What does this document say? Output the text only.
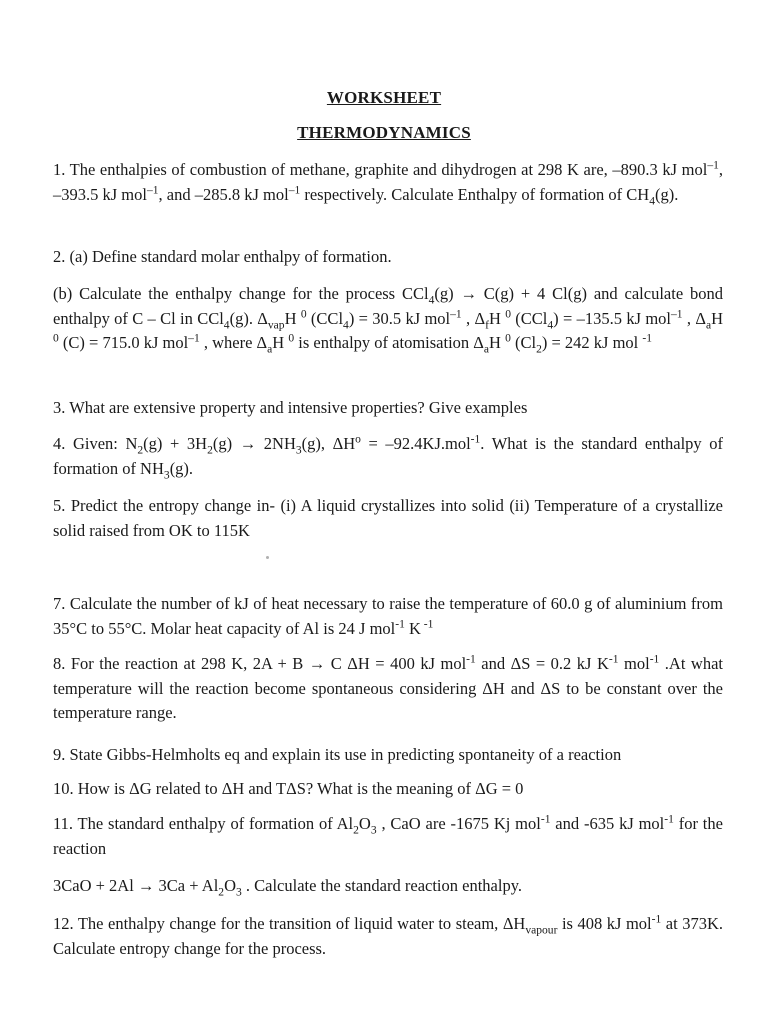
WORKSHEET
THERMODYNAMICS

1. The enthalpies of combustion of methane, graphite and dihydrogen at 298 K are, –890.3 kJ mol$^{-1}$, –393.5 kJ mol$^{-1}$, and –285.8 kJ mol$^{-1}$ respectively. Calculate Enthalpy of formation of $CH_4(g)$.

2. (a) Define standard molar enthalpy of formation.

(b) Calculate the enthalpy change for the process CCl$_4$(g) → C(g) + 4 Cl(g) and calculate bond enthalpy of C – Cl in CCl$_4$(g). $\Delta_{vap}H$ $^0$ (CCl$_4$) = 30.5 kJ mol$^{-1}$ , $\Delta_fH$ $^0$ (CCl$_4$) = –135.5 kJ mol$^{-1}$ , $\Delta_aH$ $^0$ (C) = 715.0 kJ mol$^{-1}$ , where $\Delta_aH$ $^0$ is enthalpy of atomisation $\Delta_aH$ $^0$ $(Cl_2) = 242$ kJ mol $^{-1}$

3. What are extensive property and intensive properties? Give examples

4. Given: $N_2(g) + 3H_2(g) \to 2NH_3(g)$, $\Delta H^o = -92.4KJ.mol^{-1}$. What is the standard enthalpy of formation of $NH_3(g)$.

5. Predict the entropy change in- (i) A liquid crystallizes into solid (ii) Temperature of a crystallize solid raised from OK to 115K

7. Calculate the number of kJ of heat necessary to raise the temperature of 60.0 g of aluminium from 35°C to 55°C. Molar heat capacity of Al is 24 J mol$^{-1}$ K $^{-1}$

8. For the reaction at 298 K, 2A + B → C ΔH = 400 kJ mol$^{-1}$ and ΔS = 0.2 kJ $K^{-1}$ mol$^{-1}$ .At what temperature will the reaction become spontaneous considering ΔH and ΔS to be constant over the temperature range.

9. State Gibbs-Helmholts eq and explain its use in predicting spontaneity of a reaction

10. How is ΔG related to ΔH and TΔS? What is the meaning of ΔG = 0

11. The standard enthalpy of formation of $Al_2O_3$ , CaO are -1675 Kj mol$^{-1}$ and -635 kJ mol$^{-1}$ for the reaction

$3CaO + 2Al \to 3Ca + Al_2O_3$ . Calculate the standard reaction enthalpy.

12. The enthalpy change for the transition of liquid water to steam, $\Delta H_{vapour}$ is 408 kJ mol$^{-1}$ at 373K. Calculate entropy change for the process.
